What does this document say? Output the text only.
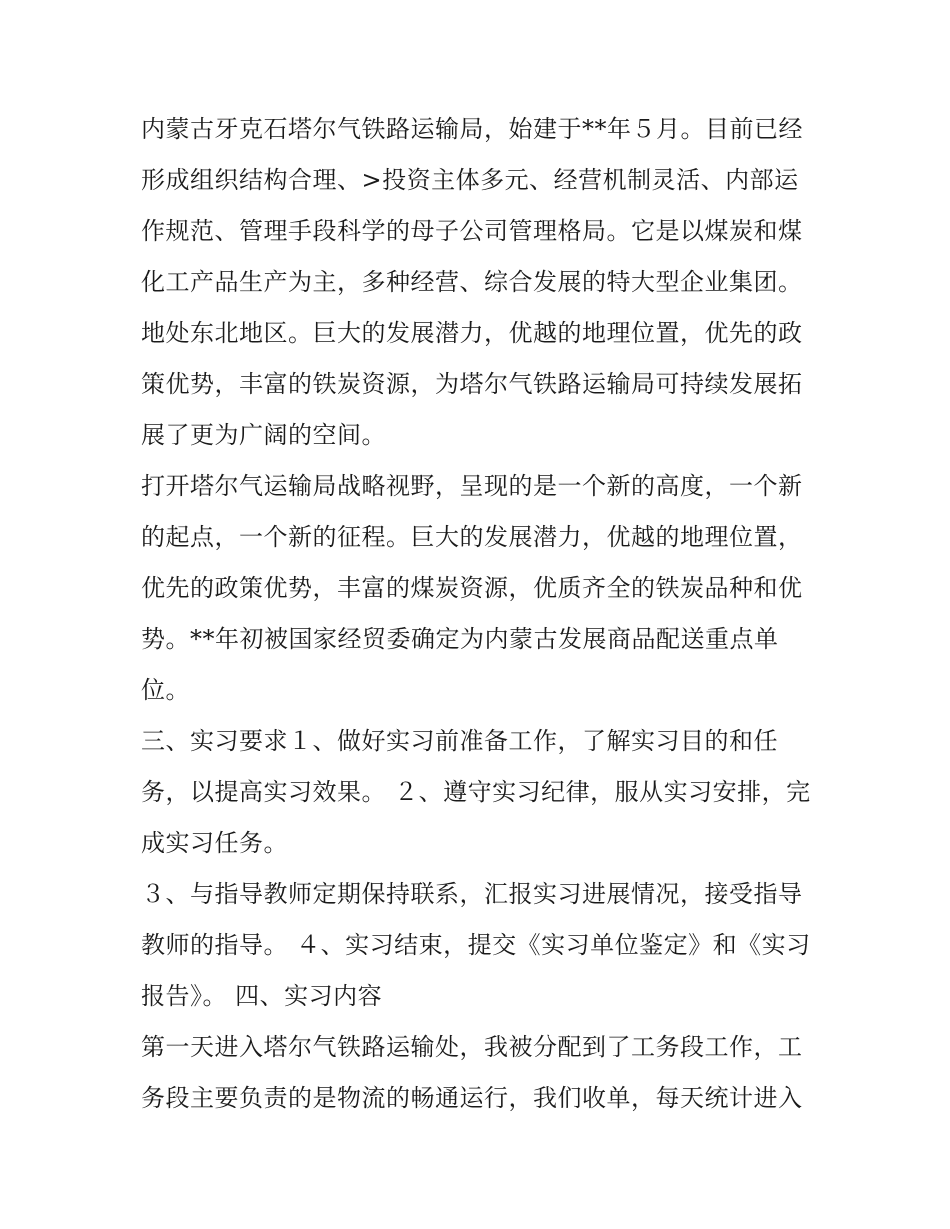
内蒙古牙克石塔尔气铁路运输局，始建于**年５月。目前已经
形成组织结构合理、>投资主体多元、经营机制灵活、内部运
作规范、管理手段科学的母子公司管理格局。它是以煤炭和煤
化工产品生产为主，多种经营、综合发展的特大型企业集团。
地处东北地区。巨大的发展潜力，优越的地理位置，优先的政
策优势，丰富的铁炭资源，为塔尔气铁路运输局可持续发展拓
展了更为广阔的空间。
打开塔尔气运输局战略视野，呈现的是一个新的高度，一个新
的起点，一个新的征程。巨大的发展潜力，优越的地理位置，
优先的政策优势，丰富的煤炭资源，优质齐全的铁炭品种和优
势。**年初被国家经贸委确定为内蒙古发展商品配送重点单
位。
三、实习要求１、做好实习前准备工作，了解实习目的和任
务，以提高实习效果。 ２、遵守实习纪律，服从实习安排，完
成实习任务。
３、与指导教师定期保持联系，汇报实习进展情况，接受指导
教师的指导。 ４、实习结束，提交《实习单位鉴定》和《实习
报告》。 四、实习内容
第一天进入塔尔气铁路运输处，我被分配到了工务段工作，工
务段主要负责的是物流的畅通运行，我们收单，每天统计进入
